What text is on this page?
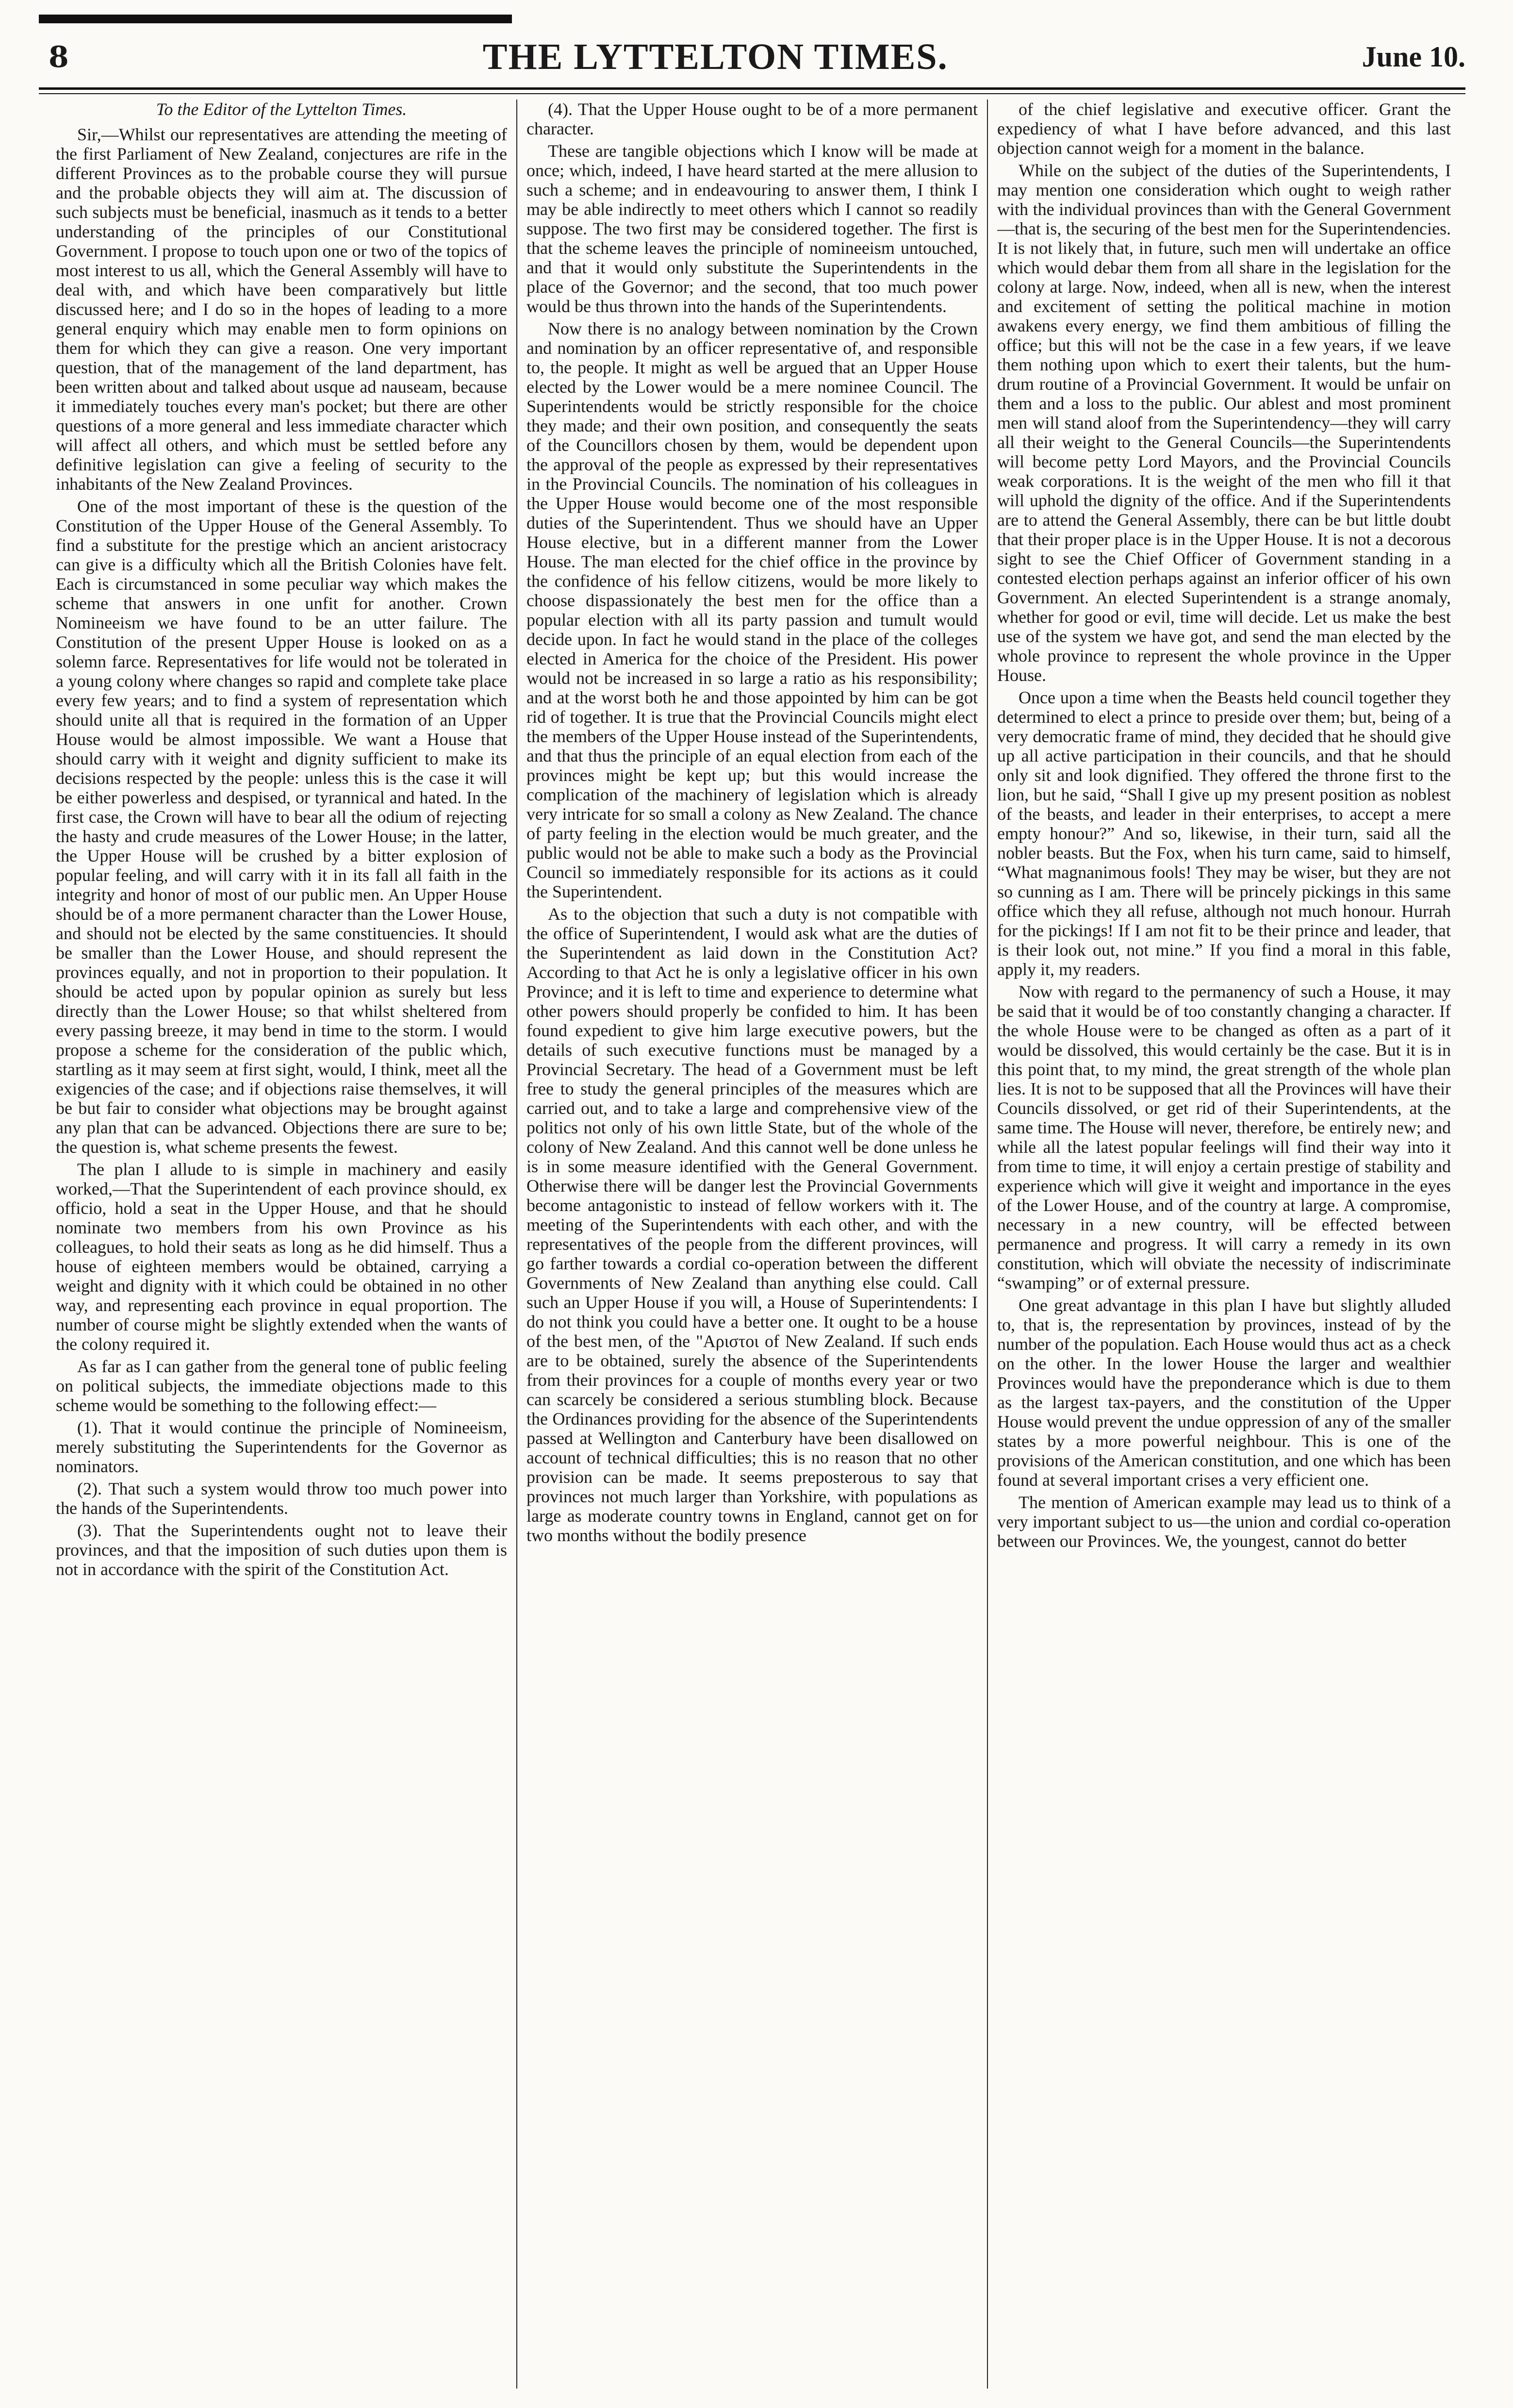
8	THE LYTTELTON TIMES.	June 10.

To the Editor of the Lyttelton Times.

Sir,—Whilst our representatives are attending the meeting of the first Parliament of New Zealand, conjectures are rife in the different Provinces as to the probable course they will pursue and the probable objects they will aim at. The discussion of such subjects must be beneficial, inasmuch as it tends to a better understanding of the principles of our Constitutional Government. I propose to touch upon one or two of the topics of most interest to us all, which the General Assembly will have to deal with, and which have been comparatively but little discussed here; and I do so in the hopes of leading to a more general enquiry which may enable men to form opinions on them for which they can give a reason. One very important question, that of the management of the land department, has been written about and talked about usque ad nauseam, because it immediately touches every man's pocket; but there are other questions of a more general and less immediate character which will affect all others, and which must be settled before any definitive legislation can give a feeling of security to the inhabitants of the New Zealand Provinces.

One of the most important of these is the question of the Constitution of the Upper House of the General Assembly. To find a substitute for the prestige which an ancient aristocracy can give is a difficulty which all the British Colonies have felt. Each is circumstanced in some peculiar way which makes the scheme that answers in one unfit for another. Crown Nomineeism we have found to be an utter failure. The Constitution of the present Upper House is looked on as a solemn farce. Representatives for life would not be tolerated in a young colony where changes so rapid and complete take place every few years; and to find a system of representation which should unite all that is required in the formation of an Upper House would be almost impossible. We want a House that should carry with it weight and dignity sufficient to make its decisions respected by the people: unless this is the case it will be either powerless and despised, or tyrannical and hated. In the first case, the Crown will have to bear all the odium of rejecting the hasty and crude measures of the Lower House; in the latter, the Upper House will be crushed by a bitter explosion of popular feeling, and will carry with it in its fall all faith in the integrity and honor of most of our public men. An Upper House should be of a more permanent character than the Lower House, and should not be elected by the same constituencies. It should be smaller than the Lower House, and should represent the provinces equally, and not in proportion to their population. It should be acted upon by popular opinion as surely but less directly than the Lower House; so that whilst sheltered from every passing breeze, it may bend in time to the storm. I would propose a scheme for the consideration of the public which, startling as it may seem at first sight, would, I think, meet all the exigencies of the case; and if objections raise themselves, it will be but fair to consider what objections may be brought against any plan that can be advanced. Objections there are sure to be; the question is, what scheme presents the fewest.

The plan I allude to is simple in machinery and easily worked,—That the Superintendent of each province should, ex officio, hold a seat in the Upper House, and that he should nominate two members from his own Province as his colleagues, to hold their seats as long as he did himself. Thus a house of eighteen members would be obtained, carrying a weight and dignity with it which could be obtained in no other way, and representing each province in equal proportion. The number of course might be slightly extended when the wants of the colony required it.

As far as I can gather from the general tone of public feeling on political subjects, the immediate objections made to this scheme would be something to the following effect:—

(1). That it would continue the principle of Nomineeism, merely substituting the Superintendents for the Governor as nominators.

(2). That such a system would throw too much power into the hands of the Superintendents.

(3). That the Superintendents ought not to leave their provinces, and that the imposition of such duties upon them is not in accordance with the spirit of the Constitution Act.

(4). That the Upper House ought to be of a more permanent character.

These are tangible objections which I know will be made at once; which, indeed, I have heard started at the mere allusion to such a scheme; and in endeavouring to answer them, I think I may be able indirectly to meet others which I cannot so readily suppose. The two first may be considered together. The first is that the scheme leaves the principle of nomineeism untouched, and that it would only substitute the Superintendents in the place of the Governor; and the second, that too much power would be thus thrown into the hands of the Superintendents.

Now there is no analogy between nomination by the Crown and nomination by an officer representative of, and responsible to, the people. It might as well be argued that an Upper House elected by the Lower would be a mere nominee Council. The Superintendents would be strictly responsible for the choice they made; and their own position, and consequently the seats of the Councillors chosen by them, would be dependent upon the approval of the people as expressed by their representatives in the Provincial Councils. The nomination of his colleagues in the Upper House would become one of the most responsible duties of the Superintendent. Thus we should have an Upper House elective, but in a different manner from the Lower House. The man elected for the chief office in the province by the confidence of his fellow citizens, would be more likely to choose dispassionately the best men for the office than a popular election with all its party passion and tumult would decide upon. In fact he would stand in the place of the colleges elected in America for the choice of the President. His power would not be increased in so large a ratio as his responsibility; and at the worst both he and those appointed by him can be got rid of together. It is true that the Provincial Councils might elect the members of the Upper House instead of the Superintendents, and that thus the principle of an equal election from each of the provinces might be kept up; but this would increase the complication of the machinery of legislation which is already very intricate for so small a colony as New Zealand. The chance of party feeling in the election would be much greater, and the public would not be able to make such a body as the Provincial Council so immediately responsible for its actions as it could the Superintendent.

As to the objection that such a duty is not compatible with the office of Superintendent, I would ask what are the duties of the Superintendent as laid down in the Constitution Act? According to that Act he is only a legislative officer in his own Province; and it is left to time and experience to determine what other powers should properly be confided to him. It has been found expedient to give him large executive powers, but the details of such executive functions must be managed by a Provincial Secretary. The head of a Government must be left free to study the general principles of the measures which are carried out, and to take a large and comprehensive view of the politics not only of his own little State, but of the whole of the colony of New Zealand. And this cannot well be done unless he is in some measure identified with the General Government. Otherwise there will be danger lest the Provincial Governments become antagonistic to instead of fellow workers with it. The meeting of the Superintendents with each other, and with the representatives of the people from the different provinces, will go farther towards a cordial co-operation between the different Governments of New Zealand than anything else could. Call such an Upper House if you will, a House of Superintendents: I do not think you could have a better one. It ought to be a house of the best men, of the "Αριστοι of New Zealand. If such ends are to be obtained, surely the absence of the Superintendents from their provinces for a couple of months every year or two can scarcely be considered a serious stumbling block. Because the Ordinances providing for the absence of the Superintendents passed at Wellington and Canterbury have been disallowed on account of technical difficulties; this is no reason that no other provision can be made. It seems preposterous to say that provinces not much larger than Yorkshire, with populations as large as moderate country towns in England, cannot get on for two months without the bodily presence

of the chief legislative and executive officer. Grant the expediency of what I have before advanced, and this last objection cannot weigh for a moment in the balance.

While on the subject of the duties of the Superintendents, I may mention one consideration which ought to weigh rather with the individual provinces than with the General Government—that is, the securing of the best men for the Superintendencies. It is not likely that, in future, such men will undertake an office which would debar them from all share in the legislation for the colony at large. Now, indeed, when all is new, when the interest and excitement of setting the political machine in motion awakens every energy, we find them ambitious of filling the office; but this will not be the case in a few years, if we leave them nothing upon which to exert their talents, but the hum-drum routine of a Provincial Government. It would be unfair on them and a loss to the public. Our ablest and most prominent men will stand aloof from the Superintendency—they will carry all their weight to the General Councils—the Superintendents will become petty Lord Mayors, and the Provincial Councils weak corporations. It is the weight of the men who fill it that will uphold the dignity of the office. And if the Superintendents are to attend the General Assembly, there can be but little doubt that their proper place is in the Upper House. It is not a decorous sight to see the Chief Officer of Government standing in a contested election perhaps against an inferior officer of his own Government. An elected Superintendent is a strange anomaly, whether for good or evil, time will decide. Let us make the best use of the system we have got, and send the man elected by the whole province to represent the whole province in the Upper House.

Once upon a time when the Beasts held council together they determined to elect a prince to preside over them; but, being of a very democratic frame of mind, they decided that he should give up all active participation in their councils, and that he should only sit and look dignified. They offered the throne first to the lion, but he said, “Shall I give up my present position as noblest of the beasts, and leader in their enterprises, to accept a mere empty honour?” And so, likewise, in their turn, said all the nobler beasts. But the Fox, when his turn came, said to himself, “What magnanimous fools! They may be wiser, but they are not so cunning as I am. There will be princely pickings in this same office which they all refuse, although not much honour. Hurrah for the pickings! If I am not fit to be their prince and leader, that is their look out, not mine.” If you find a moral in this fable, apply it, my readers.

Now with regard to the permanency of such a House, it may be said that it would be of too constantly changing a character. If the whole House were to be changed as often as a part of it would be dissolved, this would certainly be the case. But it is in this point that, to my mind, the great strength of the whole plan lies. It is not to be supposed that all the Provinces will have their Councils dissolved, or get rid of their Superintendents, at the same time. The House will never, therefore, be entirely new; and while all the latest popular feelings will find their way into it from time to time, it will enjoy a certain prestige of stability and experience which will give it weight and importance in the eyes of the Lower House, and of the country at large. A compromise, necessary in a new country, will be effected between permanence and progress. It will carry a remedy in its own constitution, which will obviate the necessity of indiscriminate “swamping” or of external pressure.

One great advantage in this plan I have but slightly alluded to, that is, the representation by provinces, instead of by the number of the population. Each House would thus act as a check on the other. In the lower House the larger and wealthier Provinces would have the preponderance which is due to them as the largest tax-payers, and the constitution of the Upper House would prevent the undue oppression of any of the smaller states by a more powerful neighbour. This is one of the provisions of the American constitution, and one which has been found at several important crises a very efficient one.

The mention of American example may lead us to think of a very important subject to us—the union and cordial co-operation between our Provinces. We, the youngest, cannot do better
